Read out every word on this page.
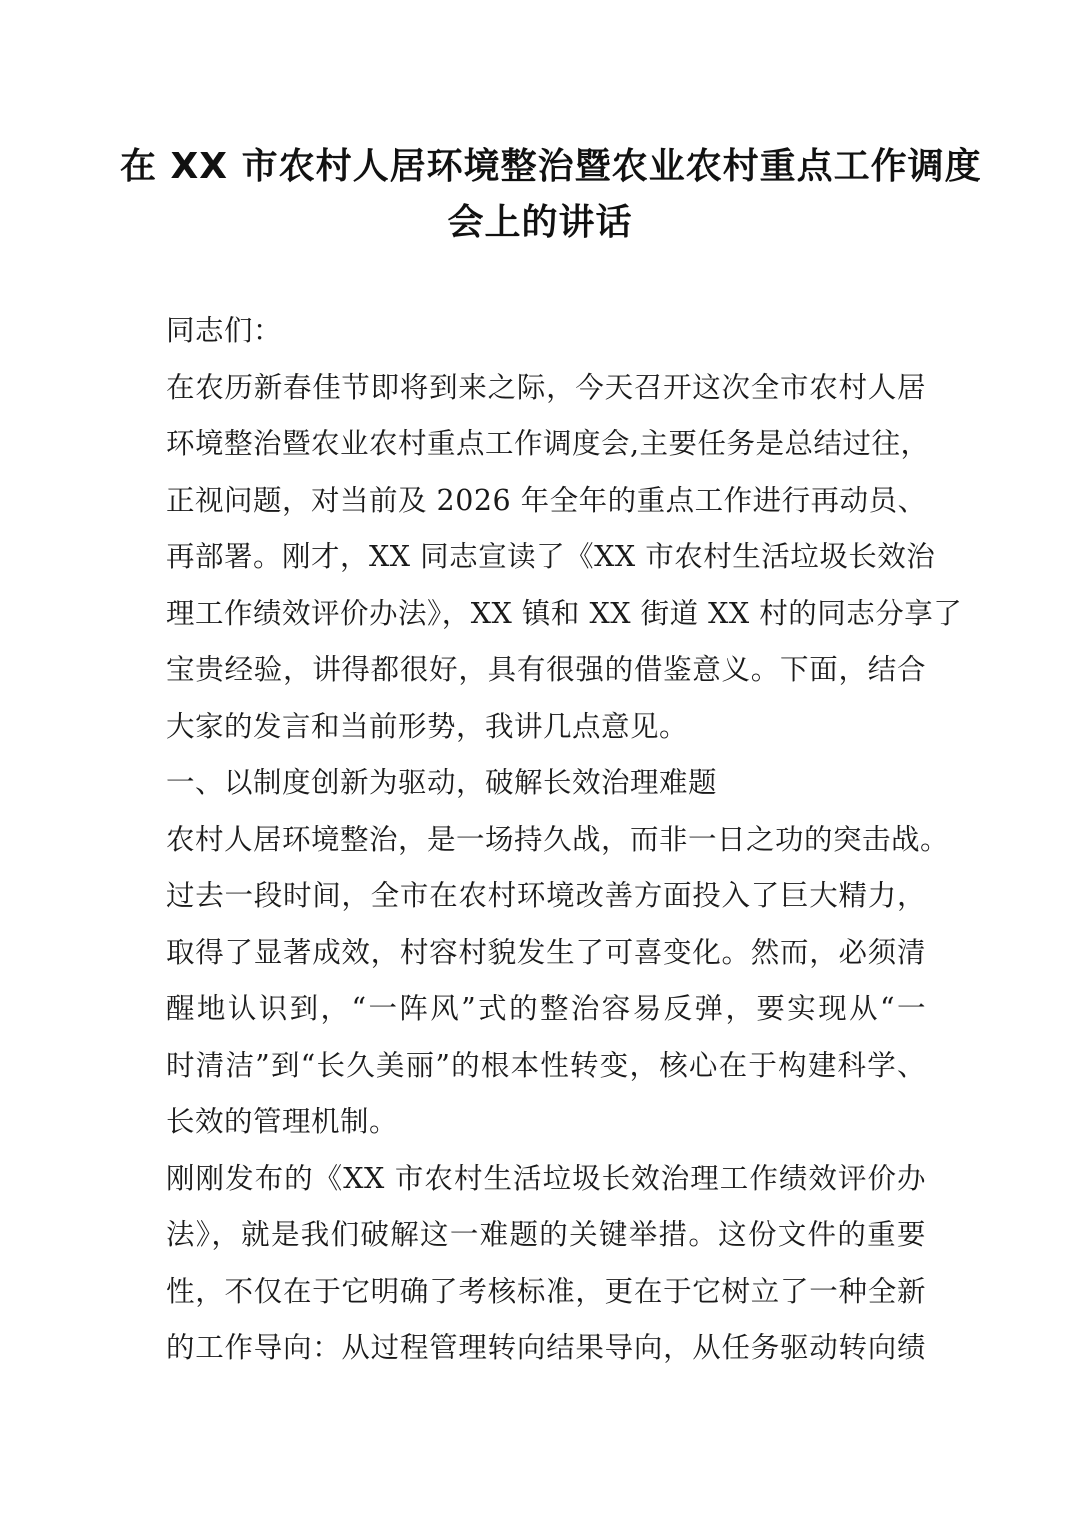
在 XX 市农村人居环境整治暨农业农村重点工作调度
会上的讲话
同志们：
在农历新春佳节即将到来之际，今天召开这次全市农村人居
环境整治暨农业农村重点工作调度会,主要任务是总结过往，
正视问题，对当前及 2026 年全年的重点工作进行再动员、
再部署。刚才，XX 同志宣读了《XX 市农村生活垃圾长效治
理工作绩效评价办法》，XX 镇和 XX 街道 XX 村的同志分享了
宝贵经验，讲得都很好，具有很强的借鉴意义。下面，结合
大家的发言和当前形势，我讲几点意见。
一、以制度创新为驱动，破解长效治理难题
农村人居环境整治，是一场持久战，而非一日之功的突击战。
过去一段时间，全市在农村环境改善方面投入了巨大精力，
取得了显著成效，村容村貌发生了可喜变化。然而，必须清
醒地认识到，“一阵风”式的整治容易反弹，要实现从“一
时清洁”到“长久美丽”的根本性转变，核心在于构建科学、
长效的管理机制。
刚刚发布的《XX 市农村生活垃圾长效治理工作绩效评价办
法》，就是我们破解这一难题的关键举措。这份文件的重要
性，不仅在于它明确了考核标准，更在于它树立了一种全新
的工作导向：从过程管理转向结果导向，从任务驱动转向绩
